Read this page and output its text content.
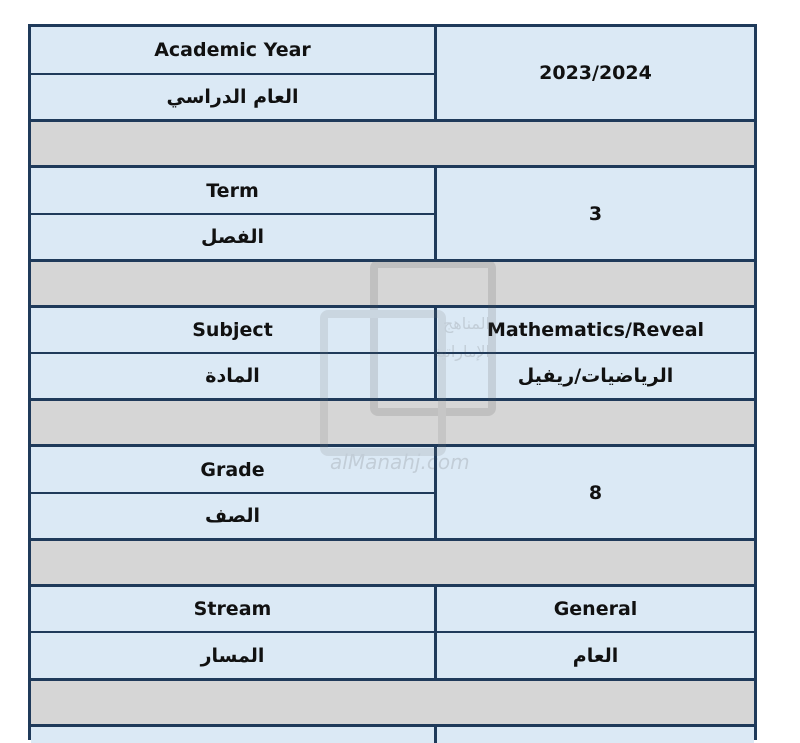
Academic Year
العام الدراسي
2023/2024
Term
الفصل
3
Subject
المادة
Mathematics/Reveal
الرياضيات/ريفيل
Grade
الصف
8
Stream
المسار
General
العام
